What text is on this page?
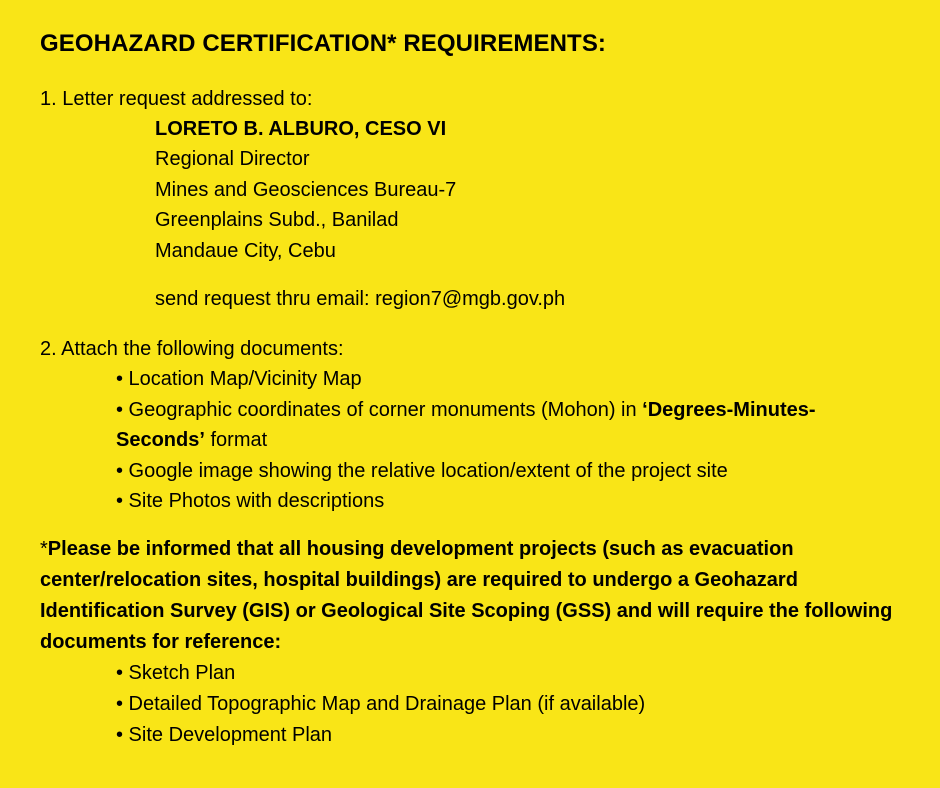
GEOHAZARD CERTIFICATION* REQUIREMENTS:
1. Letter request addressed to:
LORETO B. ALBURO, CESO VI
Regional Director
Mines and Geosciences Bureau-7
Greenplains Subd., Banilad
Mandaue City, Cebu
send request thru email: region7@mgb.gov.ph
2. Attach the following documents:
• Location Map/Vicinity Map
• Geographic coordinates of corner monuments (Mohon) in ‘Degrees-Minutes-
Seconds’ format
• Google image showing the relative location/extent of the project site
• Site Photos with descriptions
*Please be informed that all housing development projects (such as evacuation center/relocation sites, hospital buildings) are required to undergo a Geohazard Identification Survey (GIS) or Geological Site Scoping (GSS) and will require the following documents for reference:
• Sketch Plan
• Detailed Topographic Map and Drainage Plan (if available)
• Site Development Plan
